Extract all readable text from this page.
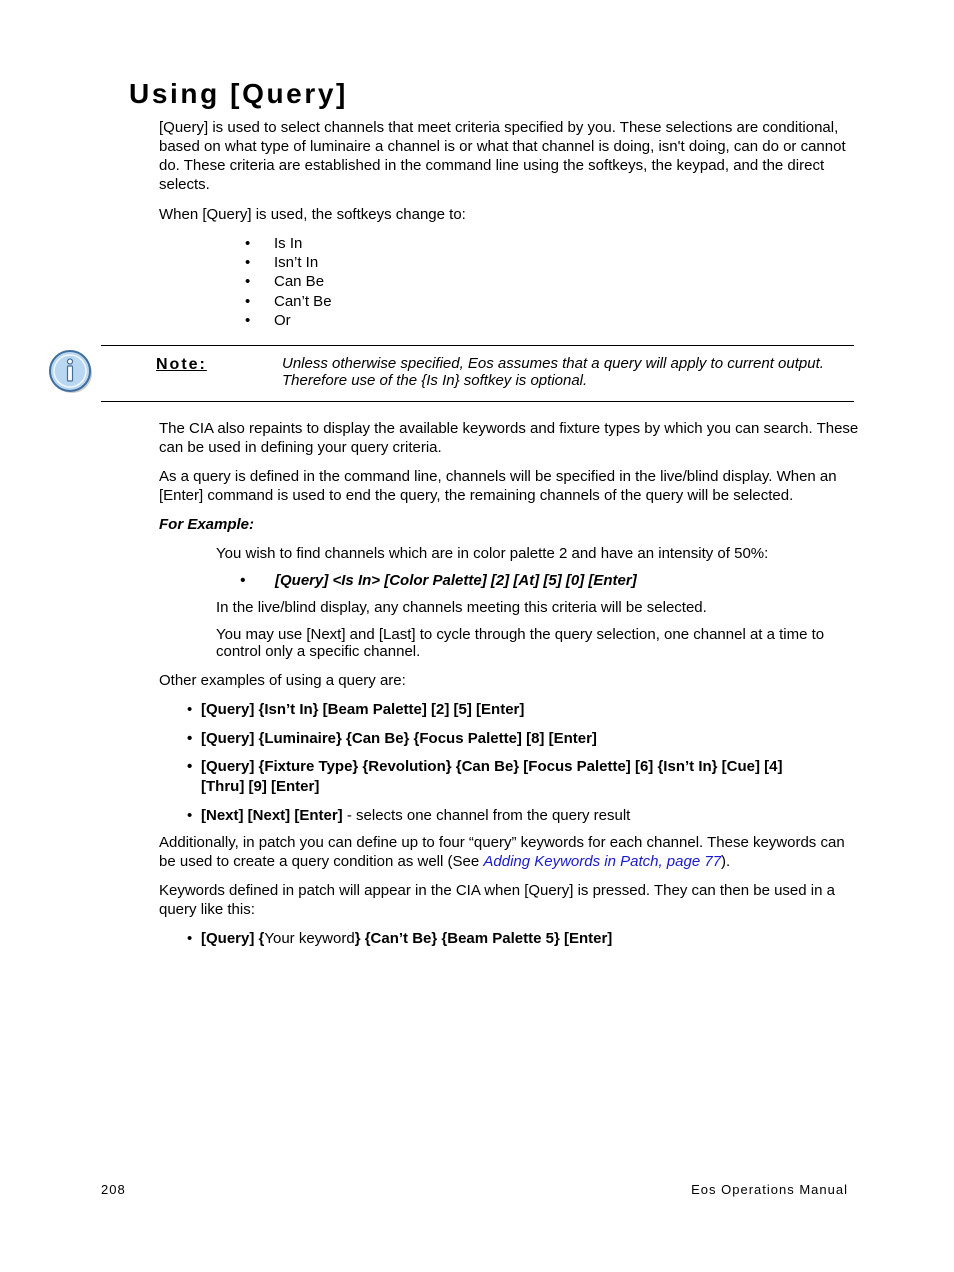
Using [Query]

[Query] is used to select channels that meet criteria specified by you. These selections are conditional, based on what type of luminaire a channel is or what that channel is doing, isn't doing, can do or cannot do. These criteria are established in the command line using the softkeys, the keypad, and the direct selects.

When [Query] is used, the softkeys change to:

•	Is In
•	Isn’t In
•	Can Be
•	Can’t Be
•	Or
Note:	Unless otherwise specified, Eos assumes that a query will apply to current output. Therefore use of the {Is In} softkey is optional.

The CIA also repaints to display the available keywords and fixture types by which you can search. These can be used in defining your query criteria.

As a query is defined in the command line, channels will be specified in the live/blind display. When an [Enter] command is used to end the query, the remaining channels of the query will be selected.

For Example:

You wish to find channels which are in color palette 2 and have an intensity of 50%:

•	[Query] <Is In> [Color Palette] [2] [At] [5] [0] [Enter]

In the live/blind display, any channels meeting this criteria will be selected.

You may use [Next] and [Last] to cycle through the query selection, one channel at a time to control only a specific channel.

Other examples of using a query are:

• [Query] {Isn’t In} [Beam Palette] [2] [5] [Enter]
• [Query] {Luminaire} {Can Be} {Focus Palette] [8] [Enter]
• [Query] {Fixture Type} {Revolution} {Can Be} [Focus Palette] [6] {Isn’t In} [Cue] [4] [Thru] [9] [Enter]
• [Next] [Next] [Enter] - selects one channel from the query result

Additionally, in patch you can define up to four “query” keywords for each channel. These keywords can be used to create a query condition as well (See Adding Keywords in Patch, page 77).

Keywords defined in patch will appear in the CIA when [Query] is pressed. They can then be used in a query like this:

• [Query] {Your keyword} {Can’t Be} {Beam Palette 5} [Enter]
208	Eos Operations Manual
